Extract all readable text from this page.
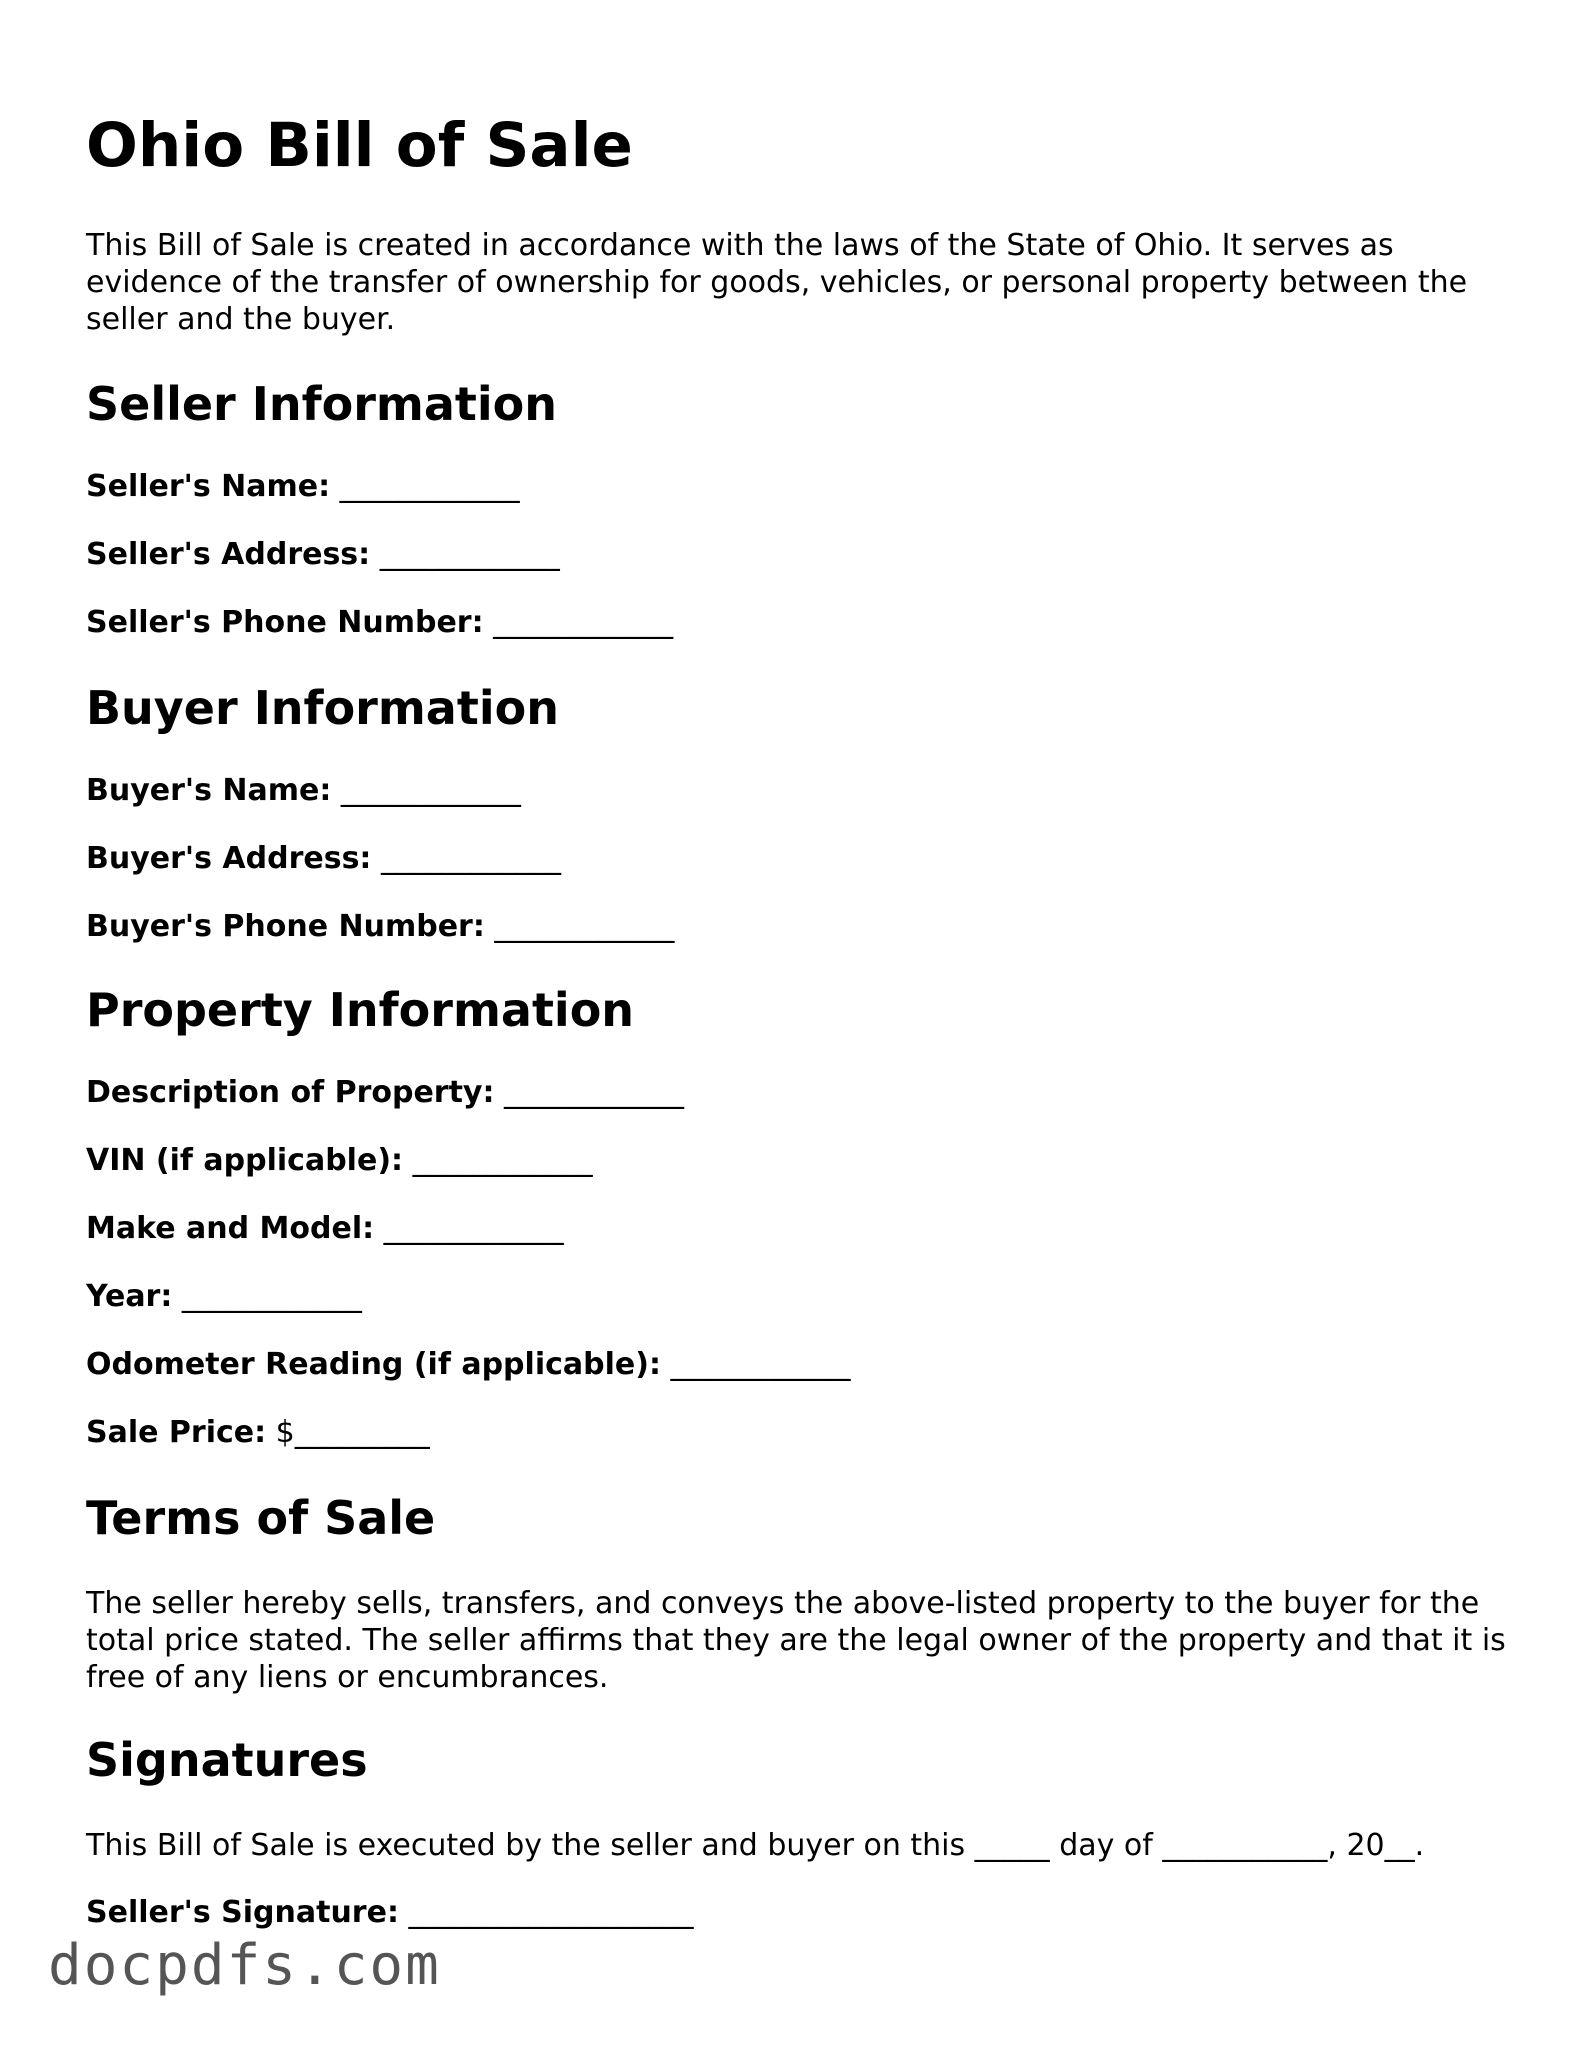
Ohio Bill of Sale

This Bill of Sale is created in accordance with the laws of the State of Ohio. It serves as evidence of the transfer of ownership for goods, vehicles, or personal property between the seller and the buyer.

Seller Information
Seller's Name: ____________
Seller's Address: ____________
Seller's Phone Number: ____________
Buyer Information
Buyer's Name: ____________
Buyer's Address: ____________
Buyer's Phone Number: ____________
Property Information
Description of Property: ____________
VIN (if applicable): ____________
Make and Model: ____________
Year: ____________
Odometer Reading (if applicable): ____________
Sale Price: $_________
Terms of Sale

The seller hereby sells, transfers, and conveys the above-listed property to the buyer for the total price stated. The seller affirms that they are the legal owner of the property and that it is free of any liens or encumbrances.

Signatures

This Bill of Sale is executed by the seller and buyer on this _____ day of ___________, 20__.

Seller's Signature: ___________________
docpdfs.com
